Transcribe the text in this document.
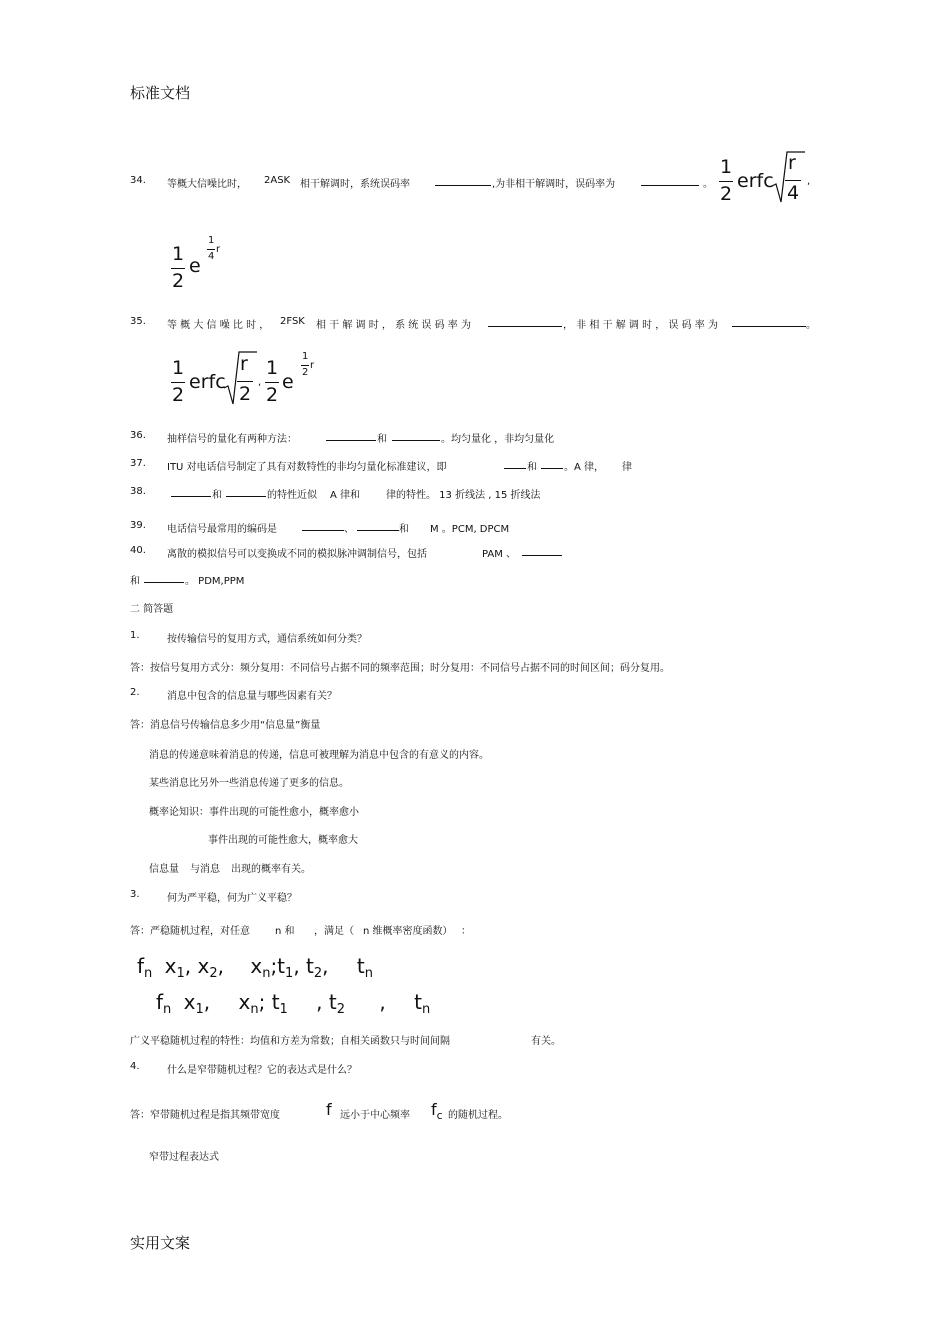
标准文档
34. 等概大信噪比时， 2ASK 相干解调时，系统误码率	,为非相干解调时，误码率为	。
1
2
erfc
r
4
,
1
2
e
1
4
r
35. 等 概 大 信 噪 比 时 ， 2FSK 相 干 解 调 时 ， 系 统 误 码 率 为	， 非 相 干 解 调 时 ， 误 码 率 为	。
1
2
erfc
r
2
,
1
2
e
1
2
r
36. 抽样信号的量化有两种方法：	和	。均匀量化 ，非均匀量化
37. ITU 对电话信号制定了具有对数特性的非均匀量化标准建议，即	和	。A 律， 律
38.	和	的特性近似 A 律和	律的特性。 13 折线法 , 15 折线法
39. 电话信号最常用的编码是	、	和 M 。PCM, DPCM
40. 离散的模拟信号可以变换成不同的模拟脉冲调制信号，包括	PAM 、
和	。 PDM,PPM
二 简答题
1.	按传输信号的复用方式，通信系统如何分类？
答：按信号复用方式分：频分复用：不同信号占据不同的频率范围；时分复用：不同信号占据不同的时间区间；码分复用。
2.	消息中包含的信息量与哪些因素有关？
答：消息信号传输信息多少用“信息量”衡量
消息的传递意味着消息的传递，信息可被理解为消息中包含的有意义的内容。
某些消息比另外一些消息传递了更多的信息。
概率论知识：事件出现的可能性愈小，概率愈小
事件出现的可能性愈大，概率愈大
信息量 与消息 出现的概率有关。
3.	何为严平稳，何为广义平稳？
答：严稳随机过程，对任意	n 和 ，满足（ n 维概率密度函数） ：
$f_n$ $x_1$, $x_2$, $x_n;t_1$, $t_2$, $t_n$
$f_n$ $x_1$, $x_n$; $t_1$ , $t_2$ , $t_n$
广义平稳随机过程的特性：均值和方差为常数；自相关函数只与时间间隔	有关。
4.	什么是窄带随机过程？它的表达式是什么？
答：窄带随机过程是指其频带宽度	f 远小于中心频率 $f_c$ 的随机过程。
窄带过程表达式
实用文案
